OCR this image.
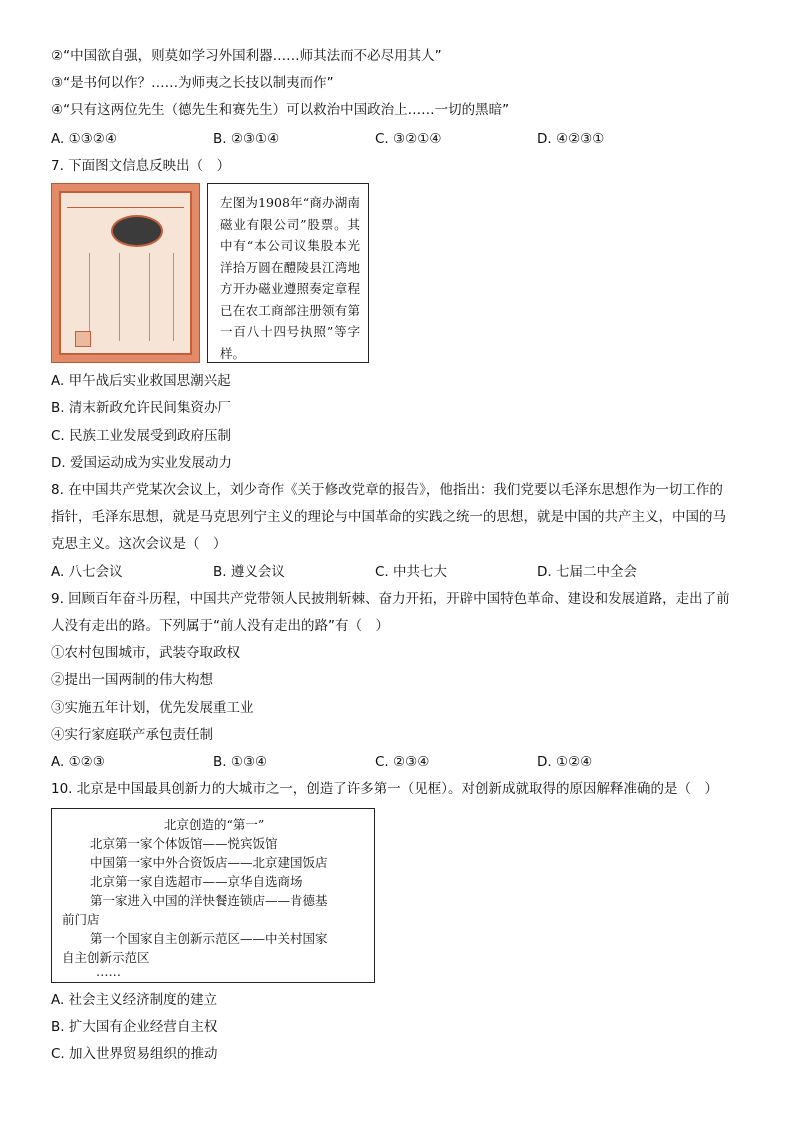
②“中国欲自强，则莫如学习外国利器……师其法而不必尽用其人”
③“是书何以作？……为师夷之长技以制夷而作”
④“只有这两位先生（德先生和赛先生）可以救治中国政治上……一切的黑暗”
A. ①③②④	B. ②③①④	C. ③②①④	D. ④②③①
7. 下面图文信息反映出（　）
左图为1908年“商办湖南磁业有限公司”股票。其中有“本公司议集股本光洋拾万圆在醴陵县江湾地方开办磁业遵照奏定章程已在农工商部注册领有第一百八十四号执照”等字样。
A. 甲午战后实业救国思潮兴起
B. 清末新政允许民间集资办厂
C. 民族工业发展受到政府压制
D. 爱国运动成为实业发展动力
8. 在中国共产党某次会议上，刘少奇作《关于修改党章的报告》，他指出：我们党要以毛泽东思想作为一切工作的
指针，毛泽东思想，就是马克思列宁主义的理论与中国革命的实践之统一的思想，就是中国的共产主义，中国的马
克思主义。这次会议是（　）
A. 八七会议	B. 遵义会议	C. 中共七大	D. 七届二中全会
9. 回顾百年奋斗历程，中国共产党带领人民披荆斩棘、奋力开拓，开辟中国特色革命、建设和发展道路，走出了前
人没有走出的路。下列属于“前人没有走出的路”有（　）
①农村包围城市，武装夺取政权
②提出一国两制的伟大构想
③实施五年计划，优先发展重工业
④实行家庭联产承包责任制
A. ①②③	B. ①③④	C. ②③④	D. ①②④
10. 北京是中国最具创新力的大城市之一，创造了许多第一（见框）。对创新成就取得的原因解释准确的是（　）
北京创造的“第一”
北京第一家个体饭馆——悦宾饭馆
中国第一家中外合资饭店——北京建国饭店
北京第一家自选超市——京华自选商场
第一家进入中国的洋快餐连锁店——肯德基
前门店
第一个国家自主创新示范区——中关村国家
自主创新示范区
……
A. 社会主义经济制度的建立
B. 扩大国有企业经营自主权
C. 加入世界贸易组织的推动
